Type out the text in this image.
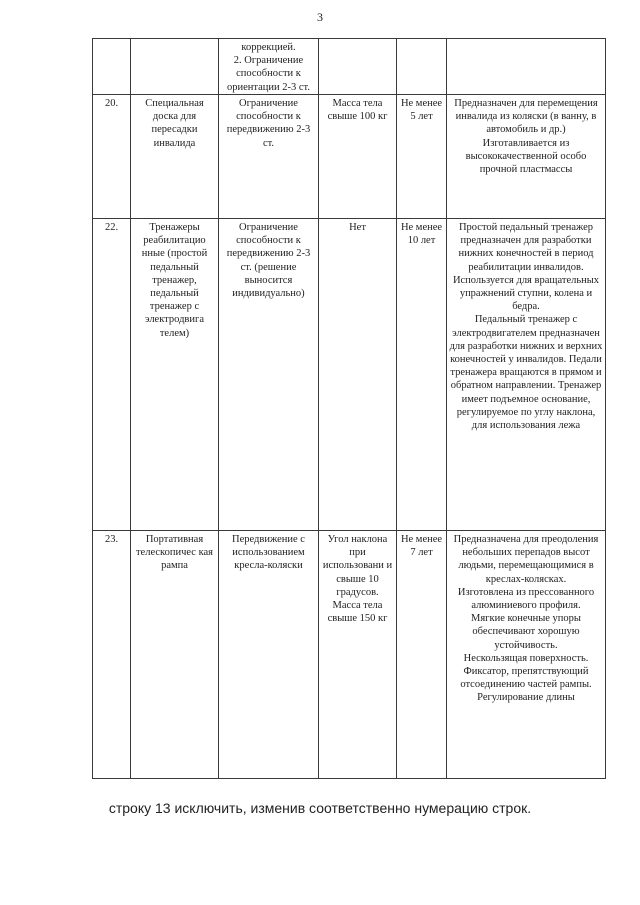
3
		коррекцией.
2. Ограничение способности к ориентации 2-3 ст.			
20.	Специальная доска для пересадки инвалида	Ограничение способности к передвижению 2-3 ст.	Масса тела свыше 100 кг	Не менее 5 лет	Предназначен для перемещения инвалида из коляски (в ванну, в автомобиль и др.)
Изготавливается из высококачественной особо прочной пластмассы
22.	Тренажеры реабилитацио нные (простой педальный тренажер, педальный тренажер с электродвига телем)	Ограничение способности к передвижению 2-3 ст. (решение выносится индивидуально)	Нет	Не менее 10 лет	Простой педальный тренажер предназначен для разработки нижних конечностей в период реабилитации инвалидов. Используется для вращательных упражнений ступни, колена и бедра.
Педальный тренажер с электродвигателем предназначен для разработки нижних и верхних конечностей у инвалидов. Педали тренажера вращаются в прямом и обратном направлении. Тренажер имеет подъемное основание, регулируемое по углу наклона, для использования лежа
23.	Портативная телескопичес кая рампа	Передвижение с использованием кресла-коляски	Угол наклона при использовани и свыше 10 градусов.
Масса тела свыше 150 кг	Не менее 7 лет	Предназначена для преодоления небольших перепадов высот людьми, перемещающимися в креслах-колясках.
Изготовлена из прессованного алюминиевого профиля.
Мягкие конечные упоры обеспечивают хорошую устойчивость.
Нескользящая поверхность. Фиксатор, препятствующий отсоединению частей рампы. Регулирование длины
строку 13 исключить, изменив соответственно нумерацию строк.
